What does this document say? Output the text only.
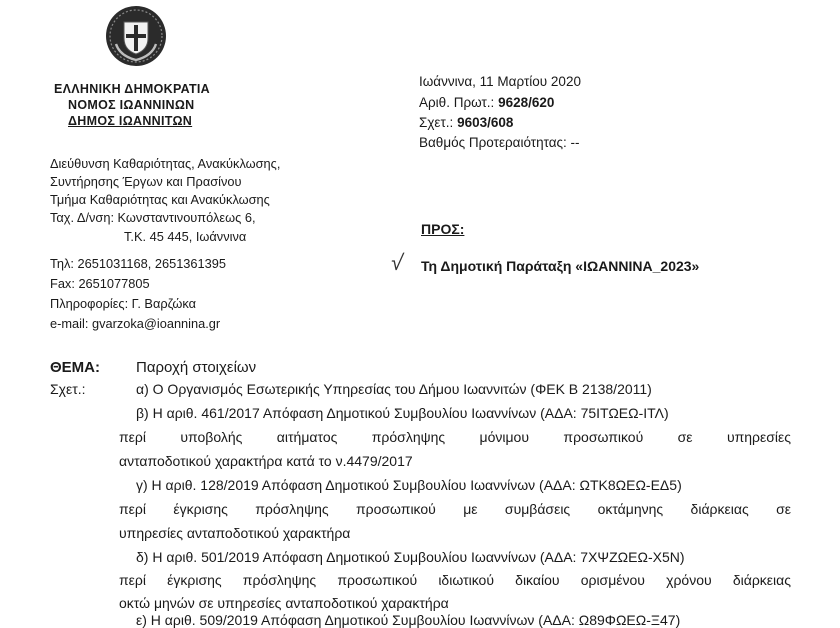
ΕΛΛΗΝΙΚΗ ΔΗΜΟΚΡΑΤΙΑ
ΝΟΜΟΣ ΙΩΑΝΝΙΝΩΝ
ΔΗΜΟΣ ΙΩΑΝΝΙΤΩΝ
Διεύθυνση Καθαριότητας, Ανακύκλωσης,
Συντήρησης Έργων και Πρασίνου
Τμήμα Καθαριότητας και Ανακύκλωσης
Ταχ. Δ/νση: Κωνσταντινουπόλεως 6,
Τ.Κ. 45 445, Ιωάννινα
Τηλ: 2651031168, 2651361395
Fax: 2651077805
Πληροφορίες: Γ. Βαρζώκα
e-mail: gvarzoka@ioannina.gr
Ιωάννινα, 11 Μαρτίου 2020
Αριθ. Πρωτ.: 9628/620
Σχετ.: 9603/608
Βαθμός Προτεραιότητας: --
ΠΡΟΣ:
√ Τη Δημοτική Παράταξη «ΙΩΑΝΝΙΝΑ_2023»
ΘΕΜΑ: Παροχή στοιχείων
Σχετ.:	α) Ο Οργανισμός Εσωτερικής Υπηρεσίας του Δήμου Ιωαννιτών (ΦΕΚ Β 2138/2011)
β) Η αριθ. 461/2017 Απόφαση Δημοτικού Συμβουλίου Ιωαννίνων (ΑΔΑ: 75ΙΤΩΕΩ-ΙΤΛ)
περί υποβολής αιτήματος πρόσληψης μόνιμου προσωπικού σε υπηρεσίες
ανταποδοτικού χαρακτήρα κατά το ν.4479/2017
γ) Η αριθ. 128/2019 Απόφαση Δημοτικού Συμβουλίου Ιωαννίνων (ΑΔΑ: ΩΤΚ8ΩΕΩ-ΕΔ5)
περί έγκρισης πρόσληψης προσωπικού με συμβάσεις οκτάμηνης διάρκειας σε
υπηρεσίες ανταποδοτικού χαρακτήρα
δ) Η αριθ. 501/2019 Απόφαση Δημοτικού Συμβουλίου Ιωαννίνων (ΑΔΑ: 7ΧΨΖΩΕΩ-Χ5Ν)
περί έγκρισης πρόσληψης προσωπικού ιδιωτικού δικαίου ορισμένου χρόνου διάρκειας
οκτώ μηνών σε υπηρεσίες ανταποδοτικού χαρακτήρα
ε) Η αριθ. 509/2019 Απόφαση Δημοτικού Συμβουλίου Ιωαννίνων (ΑΔΑ: Ω89ΦΩΕΩ-Ξ47)
